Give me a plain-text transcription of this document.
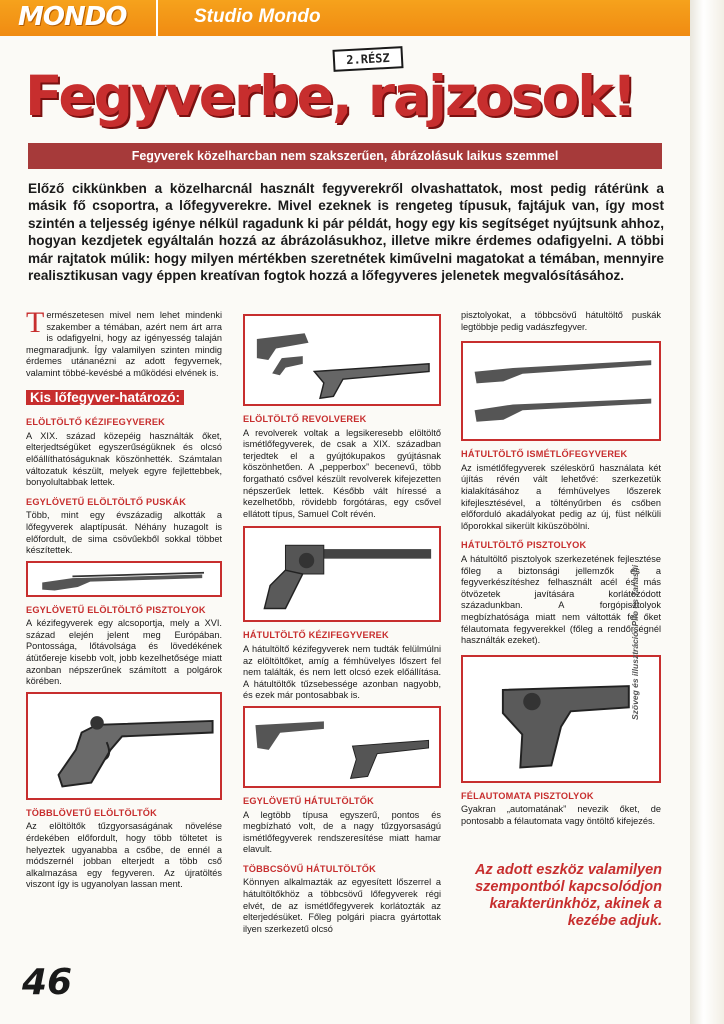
MONDO	Studio Mondo
2.RÉSZ
Fegyverbe, rajzosok!
Fegyverek közelharcban nem szakszerűen, ábrázolásuk laikus szemmel
Előző cikkünkben a közelharcnál használt fegyverekről olvashattatok, most pedig rátérünk a másik fő csoportra, a lőfegyverekre. Mivel ezeknek is rengeteg típusuk, fajtájuk van, így most szintén a teljesség igénye nélkül ragadunk ki pár példát, hogy egy kis segítséget nyújtsunk ahhoz, hogyan kezdjetek egyáltalán hozzá az ábrázolásukhoz, illetve mikre érdemes odafigyelni. A többi már rajtatok múlik: hogy milyen mértékben szeretnétek kiművelni magatokat a témában, mennyire realisztikusan vagy éppen kreatívan fogtok hozzá a lőfegyveres jelenetek megvalósításához.

Természetesen mivel nem lehet mindenki szakember a témában, azért nem árt arra is odafigyelni, hogy az igényesség talaján megmaradjunk. Így valamilyen szinten mindig érdemes utánanézni az adott fegyvernek, valamint többé-kevésbé a működési elvének is.

Kis lőfegyver-határozó:
ELÖLTÖLTŐ KÉZIFEGYVEREK

A XIX. század közepéig használták őket, elterjedtségüket egyszerűségüknek és olcsó előállíthatóságuknak köszönhették. Számtalan változatuk készült, melyek egyre fejlettebbek, bonyolultabbak lettek.

EGYLÖVETŰ ELÖLTÖLTŐ PUSKÁK

Több, mint egy évszázadig alkották a lőfegyverek alaptípusát. Néhány huzagolt is előfordult, de sima csövűekből sokkal többet készítettek.

EGYLÖVETŰ ELÖLTÖLTŐ PISZTOLYOK

A kézifegyverek egy alcsoportja, mely a XVI. század elején jelent meg Európában. Pontossága, lőtávolsága és lövedékének átütőereje kisebb volt, jobb kezelhetősége miatt azonban népszerűnek számított a polgárok körében.

TÖBBLÖVETŰ ELÖLTÖLTŐK

Az elöltöltők tűzgyorsaságának növelése érdekében előfordult, hogy több töltetet is helyeztek ugyanabba a csőbe, de ennél a módszernél jobban elterjedt a több cső alkalmazása egy fegyveren. Az újratöltés viszont így is ugyanolyan lassan ment.

ELÖLTÖLTŐ REVOLVEREK

A revolverek voltak a legsikeresebb elöltöltő ismétlőfegyverek, de csak a XIX. században terjedtek el a gyújtókupakos gyújtásnak köszönhetően. A „pepperbox” becenevű, több forgatható csővel készült revolverek kifejezetten népszerűek lettek. Később vált híressé a kezelhetőbb, rövidebb forgótáras, egy csővel ellátott típus, Samuel Colt révén.

HÁTULTÖLTŐ KÉZIFEGYVEREK

A hátultöltő kézifegyverek nem tudták felülmúlni az elöltöltőket, amíg a fémhüvelyes lőszert fel nem találták, és nem lett olcsó ezek előállítása. A hátultöltők tűzsebessége azonban nagyobb, és ezek már pontosabbak is.

EGYLÖVETŰ HÁTULTÖLTŐK

A legtöbb típusa egyszerű, pontos és megbízható volt, de a nagy tűzgyorsaságú ismétlőfegyverek rendszeresítése miatt hamar elavult.

TÖBBCSÖVŰ HÁTULTÖLTŐK

Könnyen alkalmazták az egyesített lőszerrel a hátultöltőkhöz a többcsövű lőfegyverek régi elvét, de az ismétlőfegyverek korlátozták az elterjedésüket. Főleg polgári piacra gyártottak ilyen szerkezetű olcsó

pisztolyokat, a többcsövű hátultöltő puskák legtöbbje pedig vadászfegyver.

HÁTULTÖLTŐ ISMÉTLŐFEGYVEREK

Az ismétlőfegyverek széleskörű használata két újítás révén vált lehetővé: szerkezetük kialakításához a fémhüvelyes lőszerek kifejlesztésével, a töltényűrben és csőben előforduló akadályokat pedig az új, füst nélküli lőporokkal sikerült kiküszöbölni.

HÁTULTÖLTŐ PISZTOLYOK

A hátultöltő pisztolyok szerkezetének fejlesztése főleg a biztonsági jellemzők és a fegyverkészítéshez felhasznált acél és más ötvözetek javítására korlátozódott századunkban. A forgópisztolyok megbízhatósága miatt nem váltották fel őket félautomata fegyverekkel (főleg a rendőrségnél használták ezeket).

FÉLAUTOMATA PISZTOLYOK

Gyakran „automatának” nevezik őket, de pontosabb a félautomata vagy öntöltő kifejezés.

Az adott eszköz valamilyen szempontból kapcsolódjon karakterünkhöz, akinek a kezébe adjuk.
46
Szöveg és illusztráció: Pilo és Tanashi
